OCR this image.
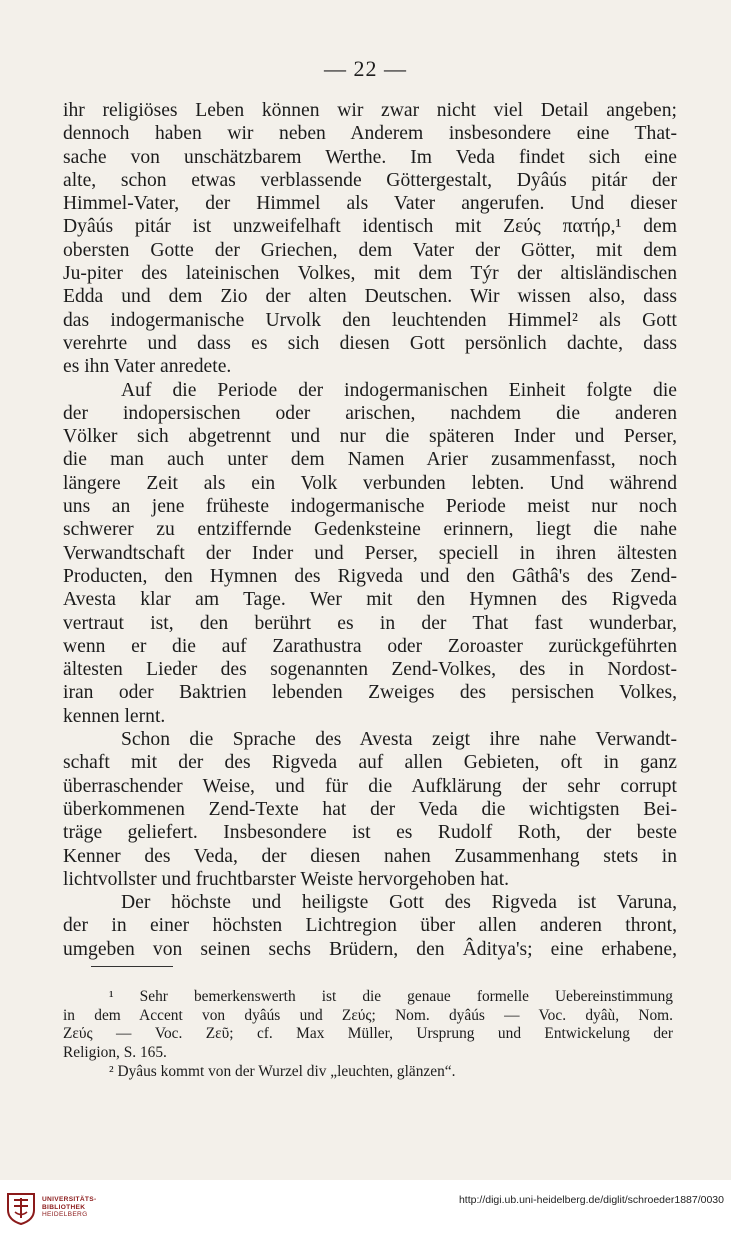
— 22 —

ihr religiöses Leben können wir zwar nicht viel Detail angeben;

dennoch haben wir neben Anderem insbesondere eine That-

sache von unschätzbarem Werthe. Im Veda findet sich eine

alte, schon etwas verblassende Göttergestalt, Dyâús pitár der

Himmel-Vater, der Himmel als Vater angerufen. Und dieser

Dyâús pitár ist unzweifelhaft identisch mit Ζεύς πατήρ,¹ dem

obersten Gotte der Griechen, dem Vater der Götter, mit dem

Ju-piter des lateinischen Volkes, mit dem Týr der altisländischen

Edda und dem Zio der alten Deutschen. Wir wissen also, dass

das indogermanische Urvolk den leuchtenden Himmel² als Gott

verehrte und dass es sich diesen Gott persönlich dachte, dass

es ihn Vater anredete.

Auf die Periode der indogermanischen Einheit folgte die

der indopersischen oder arischen, nachdem die anderen

Völker sich abgetrennt und nur die späteren Inder und Perser,

die man auch unter dem Namen Arier zusammenfasst, noch

längere Zeit als ein Volk verbunden lebten. Und während

uns an jene früheste indogermanische Periode meist nur noch

schwerer zu entziffernde Gedenksteine erinnern, liegt die nahe

Verwandtschaft der Inder und Perser, speciell in ihren ältesten

Producten, den Hymnen des Rigveda und den Gâthâ's des Zend-

Avesta klar am Tage. Wer mit den Hymnen des Rigveda

vertraut ist, den berührt es in der That fast wunderbar,

wenn er die auf Zarathustra oder Zoroaster zurückgeführten

ältesten Lieder des sogenannten Zend-Volkes, des in Nordost-

iran oder Baktrien lebenden Zweiges des persischen Volkes,

kennen lernt.

Schon die Sprache des Avesta zeigt ihre nahe Verwandt-

schaft mit der des Rigveda auf allen Gebieten, oft in ganz

überraschender Weise, und für die Aufklärung der sehr corrupt

überkommenen Zend-Texte hat der Veda die wichtigsten Bei-

träge geliefert. Insbesondere ist es Rudolf Roth, der beste

Kenner des Veda, der diesen nahen Zusammenhang stets in

lichtvollster und fruchtbarster Weiste hervorgehoben hat.

Der höchste und heiligste Gott des Rigveda ist Varuna,

der in einer höchsten Lichtregion über allen anderen thront,

umgeben von seinen sechs Brüdern, den Âditya's; eine erhabene,

¹ Sehr bemerkenswerth ist die genaue formelle Uebereinstimmung

in dem Accent von dyâús und Ζεύς; Nom. dyâús — Voc. dyâù, Nom.

Ζεύς — Voc. Ζεῦ; cf. Max Müller, Ursprung und Entwickelung der

Religion, S. 165.

² Dyâus kommt von der Wurzel div „leuchten, glänzen“.

UNIVERSITÄTS-
BIBLIOTHEK
HEIDELBERG
http://digi.ub.uni-heidelberg.de/diglit/schroeder1887/0030
